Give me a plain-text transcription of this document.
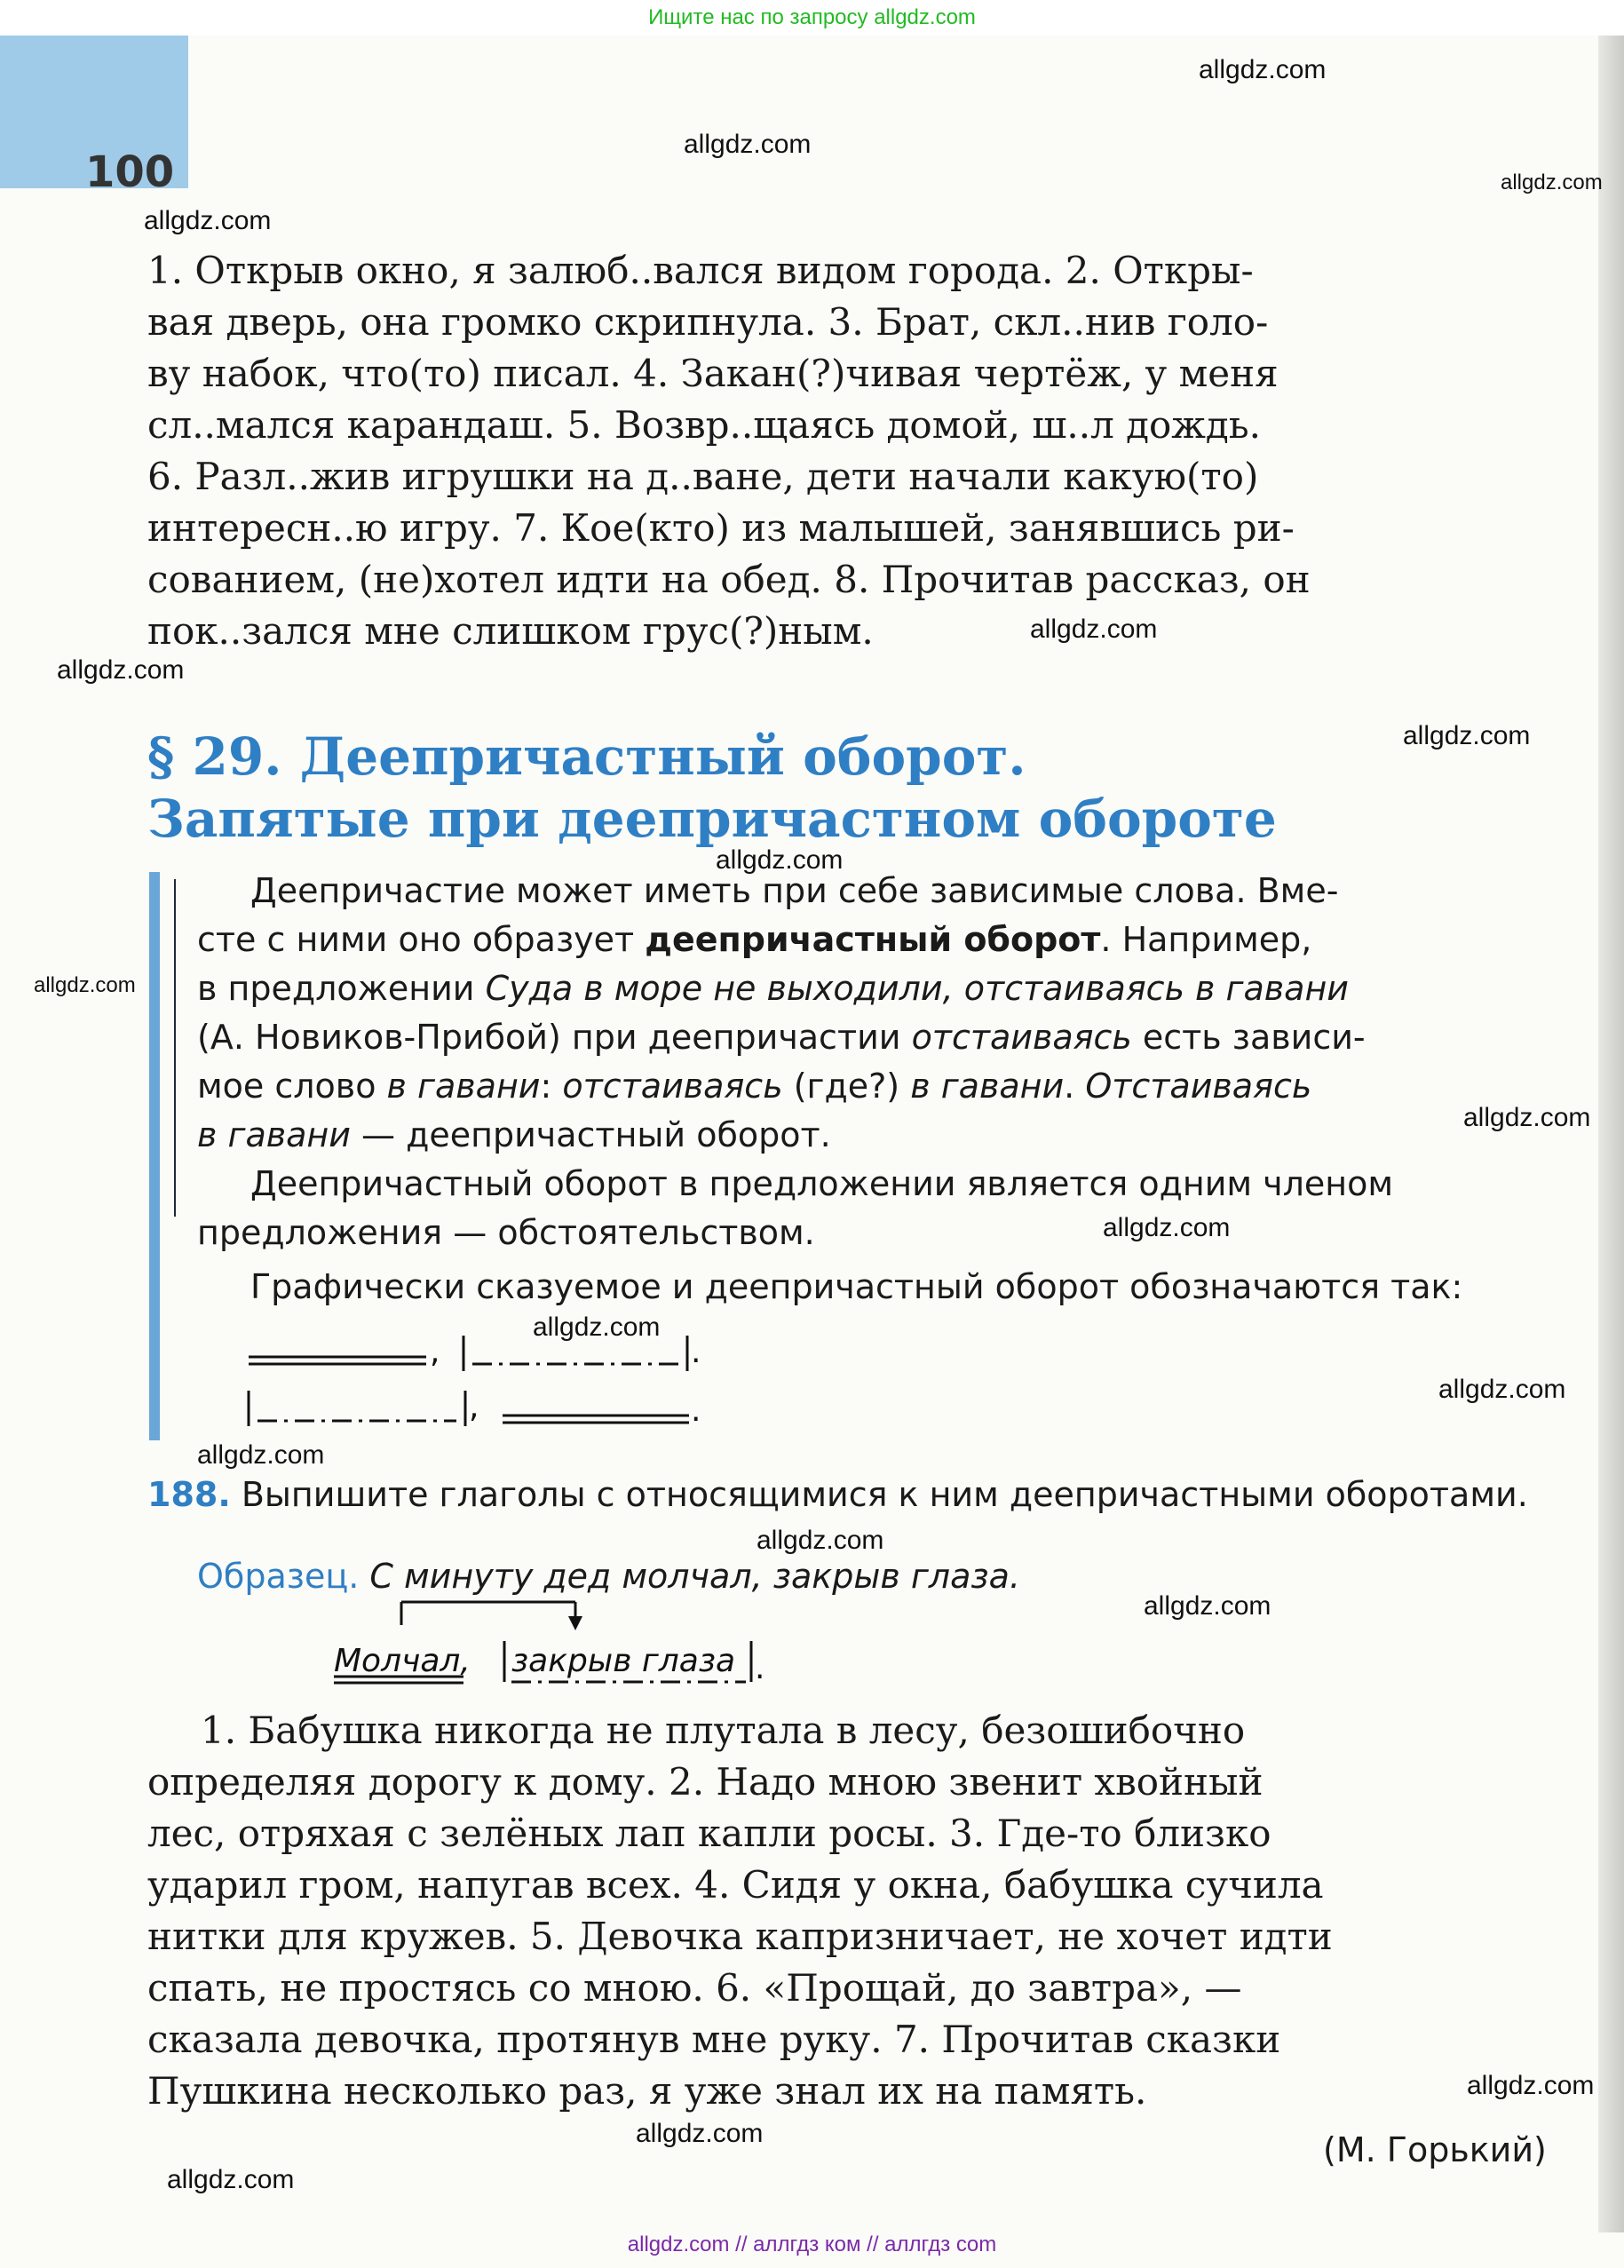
Ищите нас по запросу allgdz.com
100
allgdz.com
allgdz.com
allgdz.com
allgdz.com
allgdz.com
allgdz.com
allgdz.com
allgdz.com
allgdz.com
allgdz.com
allgdz.com
allgdz.com
allgdz.com
allgdz.com
allgdz.com
allgdz.com
allgdz.com
allgdz.com
allgdz.com
1. Открыв окно, я залюб..вался видом города. 2. Откры-
вая дверь, она громко скрипнула. 3. Брат, скл..нив голо-
ву набок, что(то) писал. 4. Закан(?)чивая чертёж, у меня
сл..мался карандаш. 5. Возвр..щаясь домой, ш..л дождь.
6. Разл..жив игрушки на д..ване, дети начали какую(то)
интересн..ю игру. 7. Кое(кто) из малышей, занявшись ри-
сованием, (не)хотел идти на обед. 8. Прочитав рассказ, он
пок..зался мне слишком грус(?)ным.
§ 29. Деепричастный оборот.
Запятые при деепричастном обороте
Деепричастие может иметь при себе зависимые слова. Вме-
сте с ними оно образует деепричастный оборот. Например,
в предложении Суда в море не выходили, отстаиваясь в гавани
(А. Новиков-Прибой) при деепричастии отстаиваясь есть зависи-
мое слово в гавани: отстаиваясь (где?) в гавани. Отстаиваясь
в гавани — деепричастный оборот.
Деепричастный оборот в предложении является одним членом
предложения — обстоятельством.
Графически сказуемое и деепричастный оборот обозначаются так:
,	.
,	.
188. Выпишите глаголы с относящимися к ним деепричастными оборотами.
Образец. С минуту дед молчал, закрыв глаза.
Молчал, закрыв глаза .
1. Бабушка никогда не плутала в лесу, безошибочно
определяя дорогу к дому. 2. Надо мною звенит хвойный
лес, отряхая с зелёных лап капли росы. 3. Где-то близко
ударил гром, напугав всех. 4. Сидя у окна, бабушка сучила
нитки для кружев. 5. Девочка капризничает, не хочет идти
спать, не простясь со мною. 6. «Прощай, до завтра», —
сказала девочка, протянув мне руку. 7. Прочитав сказки
Пушкина несколько раз, я уже знал их на память.
(М. Горький)
allgdz.com // аллгдз ком // аллгдз com
